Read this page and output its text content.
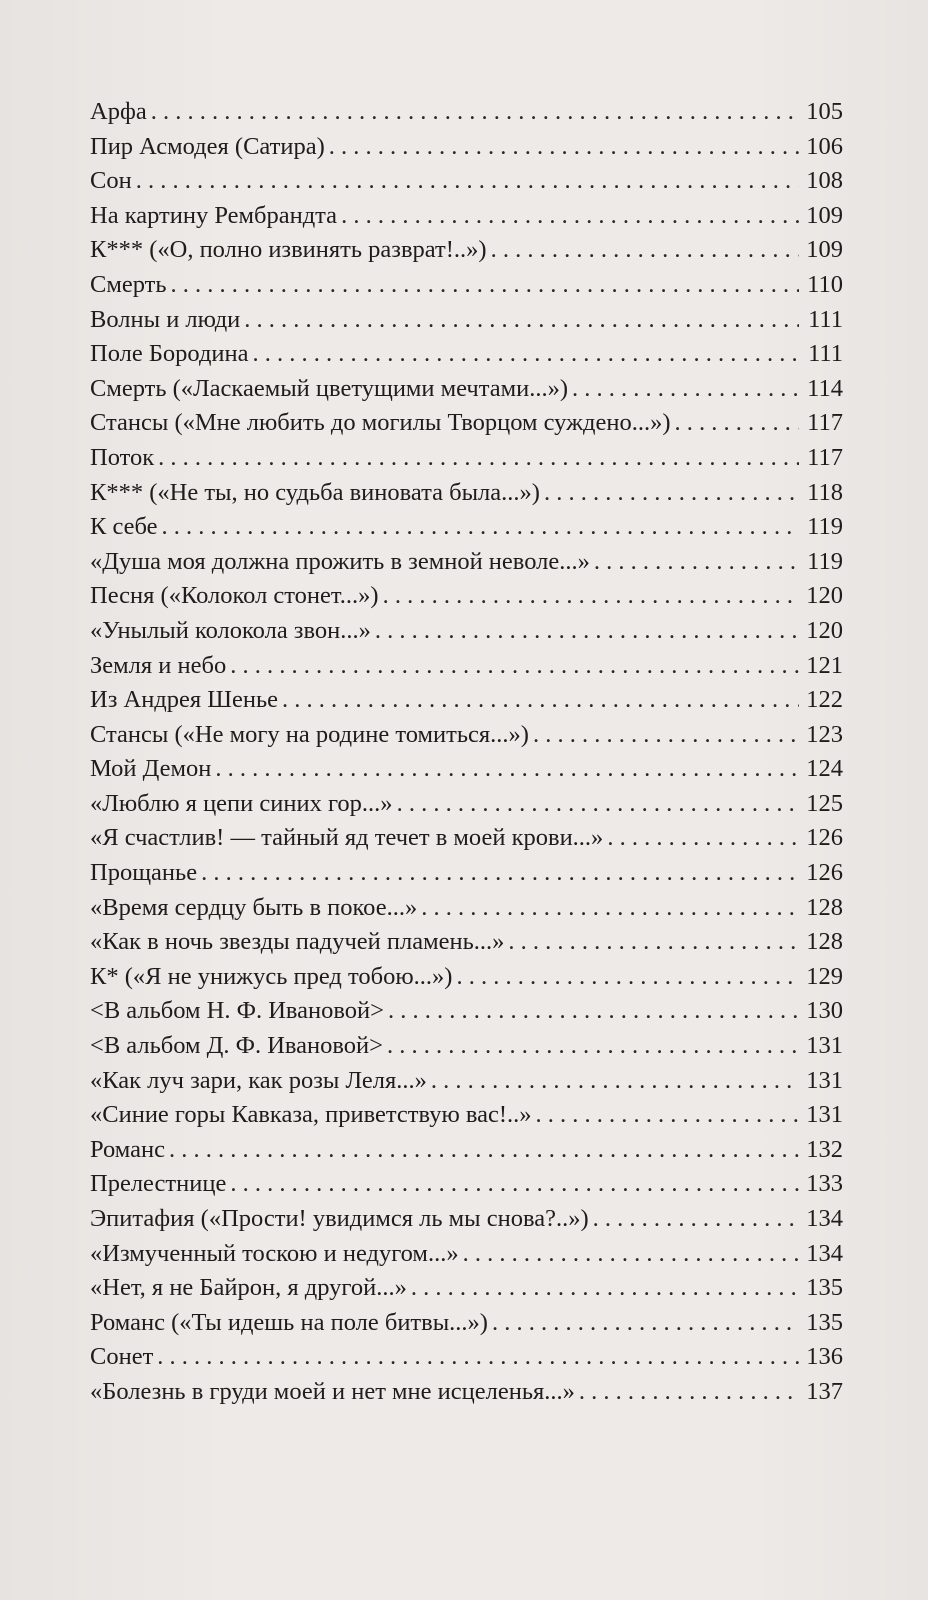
Арфа . . .	105
Пир Асмодея (Сатира) . . .	106
Сон . . .	108
На картину Рембрандта . . .	109
К*** («О, полно извинять разврат!..») . . .	109
Смерть . . .	110
Волны и люди . . .	111
Поле Бородина . . .	111
Смерть («Ласкаемый цветущими мечтами...») . . .	114
Стансы («Мне любить до могилы Творцом суждено...») . . .	117
Поток . . .	117
К*** («Не ты, но судьба виновата была...») . . .	118
К себе . . .	119
«Душа моя должна прожить в земной неволе...» . . .	119
Песня («Колокол стонет...») . . .	120
«Унылый колокола звон...» . . .	120
Земля и небо . . .	121
Из Андрея Шенье . . .	122
Стансы («Не могу на родине томиться...») . . .	123
Мой Демон . . .	124
«Люблю я цепи синих гор...» . . .	125
«Я счастлив! — тайный яд течет в моей крови...» . . .	126
Прощанье . . .	126
«Время сердцу быть в покое...» . . .	128
«Как в ночь звезды падучей пламень...» . . .	128
К* («Я не унижусь пред тобою...») . . .	129
<В альбом Н. Ф. Ивановой> . . .	130
<В альбом Д. Ф. Ивановой> . . .	131
«Как луч зари, как розы Леля...» . . .	131
«Синие горы Кавказа, приветствую вас!..» . . .	131
Романс . . .	132
Прелестнице . . .	133
Эпитафия («Прости! увидимся ль мы снова?..») . . .	134
«Измученный тоскою и недугом...» . . .	134
«Нет, я не Байрон, я другой...» . . .	135
Романс («Ты идешь на поле битвы...») . . .	135
Сонет . . .	136
«Болезнь в груди моей и нет мне исцеленья...» . . .	137
